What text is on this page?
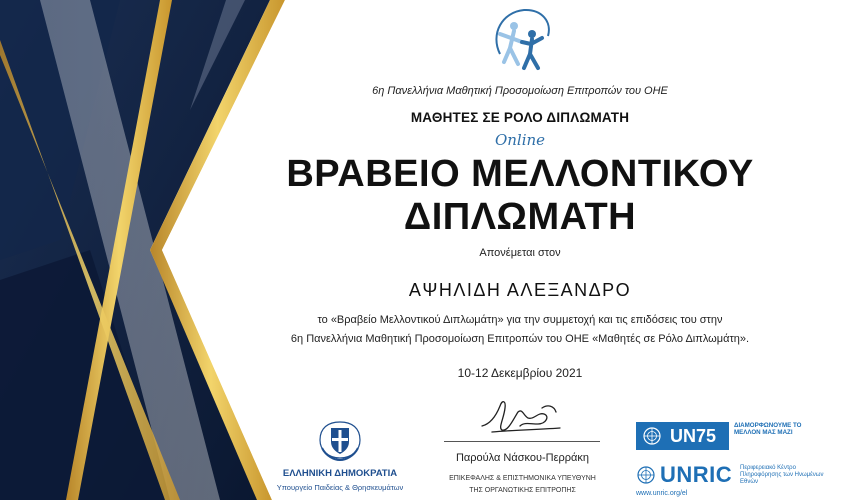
6η Πανελλήνια Μαθητική Προσομοίωση Επιτροπών του ΟΗΕ
ΜΑΘΗΤΕΣ ΣΕ ΡΟΛΟ ΔΙΠΛΩΜΑΤΗ
Online
ΒΡΑΒΕΙΟ ΜΕΛΛΟΝΤΙΚΟΥ
ΔΙΠΛΩΜΑΤΗ
Απονέμεται στον
ΑΨΗΛΙΔΗ ΑΛΕΞΑΝΔΡΟ
το «Βραβείο Μελλοντικού Διπλωμάτη» για την συμμετοχή και τις επιδόσεις του στην
6η Πανελλήνια Μαθητική Προσομοίωση Επιτροπών του ΟΗΕ «Μαθητές σε Ρόλο Διπλωμάτη».
10-12 Δεκεμβρίου 2021
ΕΛΛΗΝΙΚΗ ΔΗΜΟΚΡΑΤΙΑ
Υπουργείο Παιδείας & Θρησκευμάτων
Παρούλα Νάσκου-Περράκη
ΕΠΙΚΕΦΑΛΗΣ & ΕΠΙΣΤΗΜΟΝΙΚΑ ΥΠΕΥΘΥΝΗ
ΤΗΣ ΟΡΓΑΝΩΤΙΚΗΣ ΕΠΙΤΡΟΠΗΣ
UN75
ΔΙΑΜΟΡΦΩΝΟΥΜΕ ΤΟ ΜΕΛΛΟΝ ΜΑΣ ΜΑΖΙ
UNRIC
www.unric.org/el
Περιφερειακό Κέντρο Πληροφόρησης των Ηνωμένων Εθνών
